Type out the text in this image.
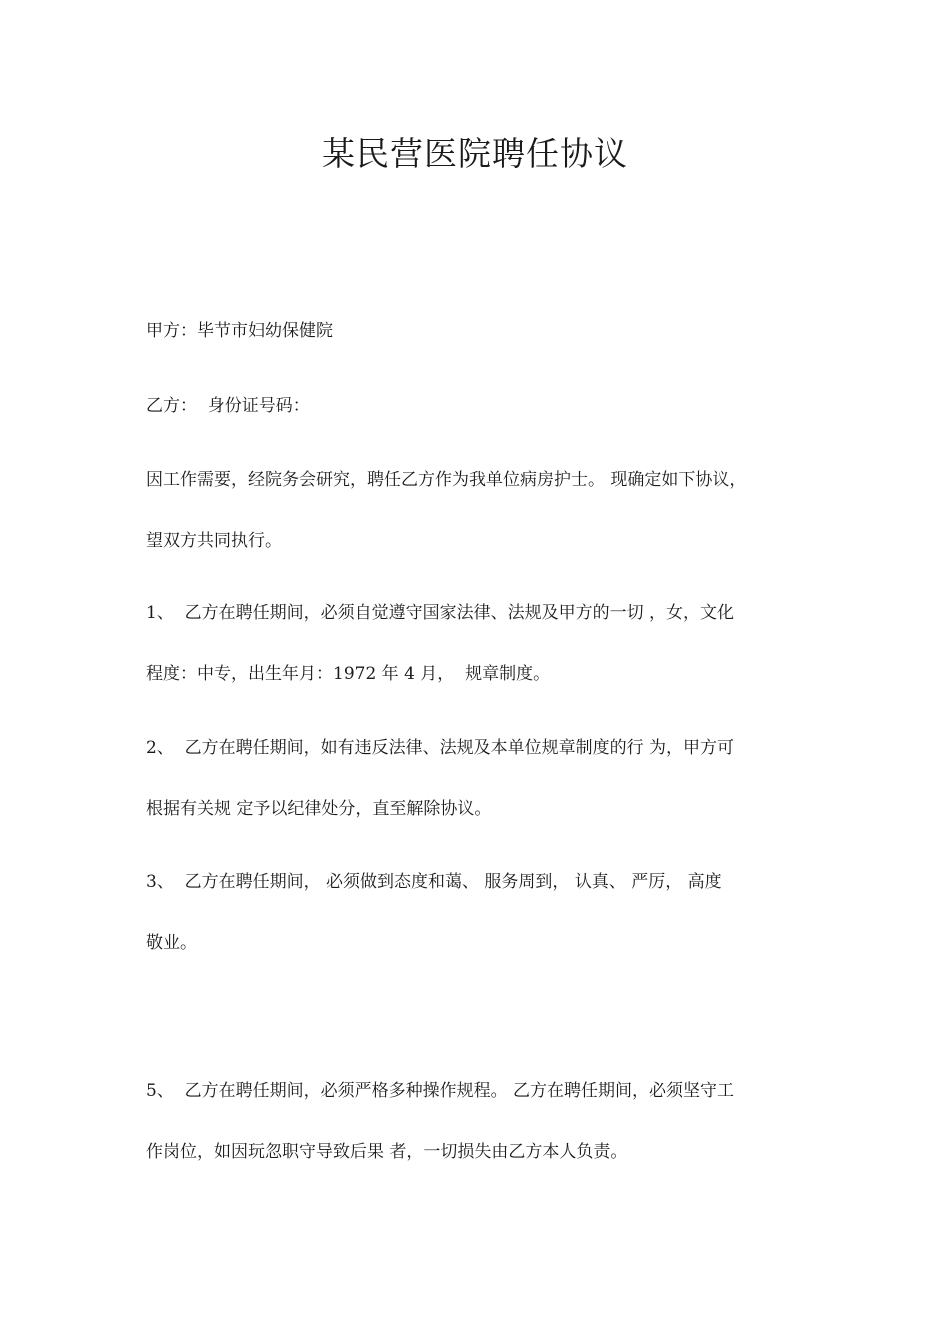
某民营医院聘任协议
甲方：毕节市妇幼保健院
乙方：  身份证号码：
因工作需要，经院务会研究，聘任乙方作为我单位病房护士。 现确定如下协议，
望双方共同执行。
1、  乙方在聘任期间，必须自觉遵守国家法律、法规及甲方的一切 ，女，文化
程度：中专，出生年月：1972 年 4 月，  规章制度。
2、  乙方在聘任期间，如有违反法律、法规及本单位规章制度的行 为，甲方可
根据有关规 定予以纪律处分，直至解除协议。
3、  乙方在聘任期间， 必须做到态度和蔼、 服务周到， 认真、 严厉， 高度
敬业。
5、  乙方在聘任期间，必须严格多种操作规程。 乙方在聘任期间，必须坚守工
作岗位，如因玩忽职守导致后果 者，一切损失由乙方本人负责。
